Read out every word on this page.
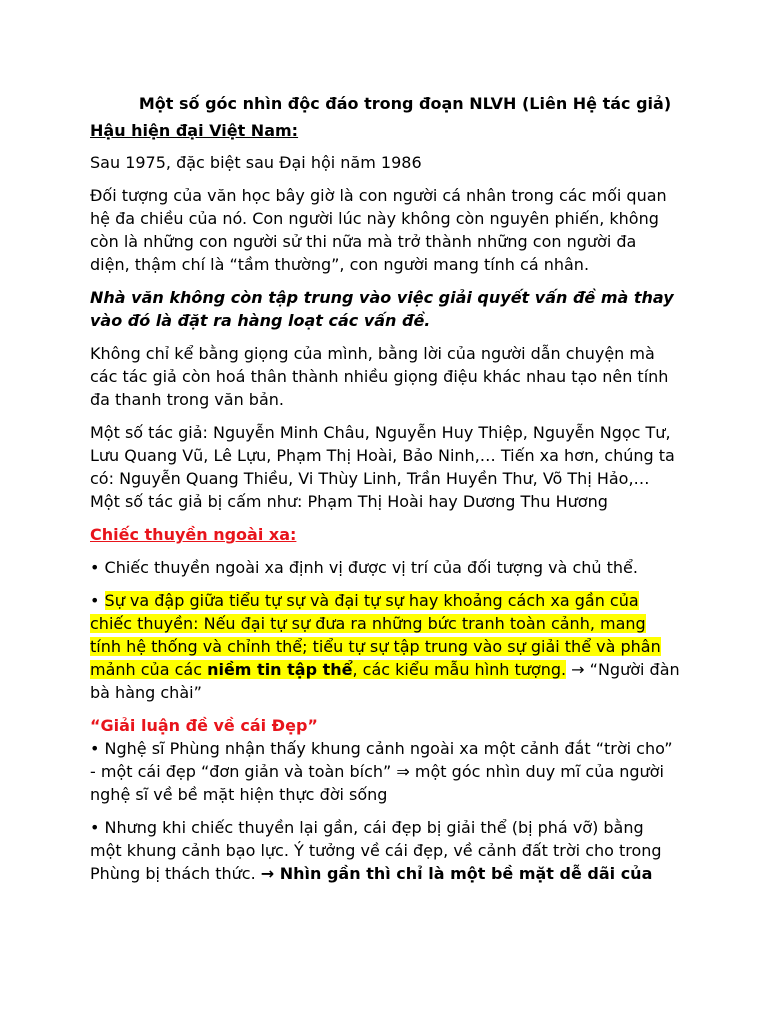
Một số góc nhìn độc đáo trong đoạn NLVH (Liên Hệ tác giả)
Hậu hiện đại Việt Nam:

Sau 1975, đặc biệt sau Đại hội năm 1986

Đối tượng của văn học bây giờ là con người cá nhân trong các mối quan hệ đa chiều của nó. Con người lúc này không còn nguyên phiến, không còn là những con người sử thi nữa mà trở thành những con người đa diện, thậm chí là “tầm thường”, con người mang tính cá nhân.

Nhà văn không còn tập trung vào việc giải quyết vấn đề mà thay vào đó là đặt ra hàng loạt các vấn đề.

Không chỉ kể bằng giọng của mình, bằng lời của người dẫn chuyện mà các tác giả còn hoá thân thành nhiều giọng điệu khác nhau tạo nên tính đa thanh trong văn bản.

Một số tác giả: Nguyễn Minh Châu, Nguyễn Huy Thiệp, Nguyễn Ngọc Tư, Lưu Quang Vũ, Lê Lựu, Phạm Thị Hoài, Bảo Ninh,… Tiến xa hơn, chúng ta có: Nguyễn Quang Thiều, Vi Thùy Linh, Trần Huyền Thư, Võ Thị Hảo,… Một số tác giả bị cấm như: Phạm Thị Hoài hay Dương Thu Hương

Chiếc thuyền ngoài xa:

• Chiếc thuyền ngoài xa định vị được vị trí của đối tượng và chủ thể.

• Sự va đập giữa tiểu tự sự và đại tự sự hay khoảng cách xa gần của chiếc thuyền: Nếu đại tự sự đưa ra những bức tranh toàn cảnh, mang tính hệ thống và chỉnh thể; tiểu tự sự tập trung vào sự giải thể và phân mảnh của các niềm tin tập thể, các kiểu mẫu hình tượng. → “Người đàn bà hàng chài”

“Giải luận đề về cái Đẹp”

• Nghệ sĩ Phùng nhận thấy khung cảnh ngoài xa một cảnh đắt “trời cho” - một cái đẹp “đơn giản và toàn bích” ⇒ một góc nhìn duy mĩ của người nghệ sĩ về bề mặt hiện thực đời sống

• Nhưng khi chiếc thuyền lại gần, cái đẹp bị giải thể (bị phá vỡ) bằng một khung cảnh bạo lực. Ý tưởng về cái đẹp, về cảnh đất trời cho trong Phùng bị thách thức. → Nhìn gần thì chỉ là một bề mặt dễ dãi của
